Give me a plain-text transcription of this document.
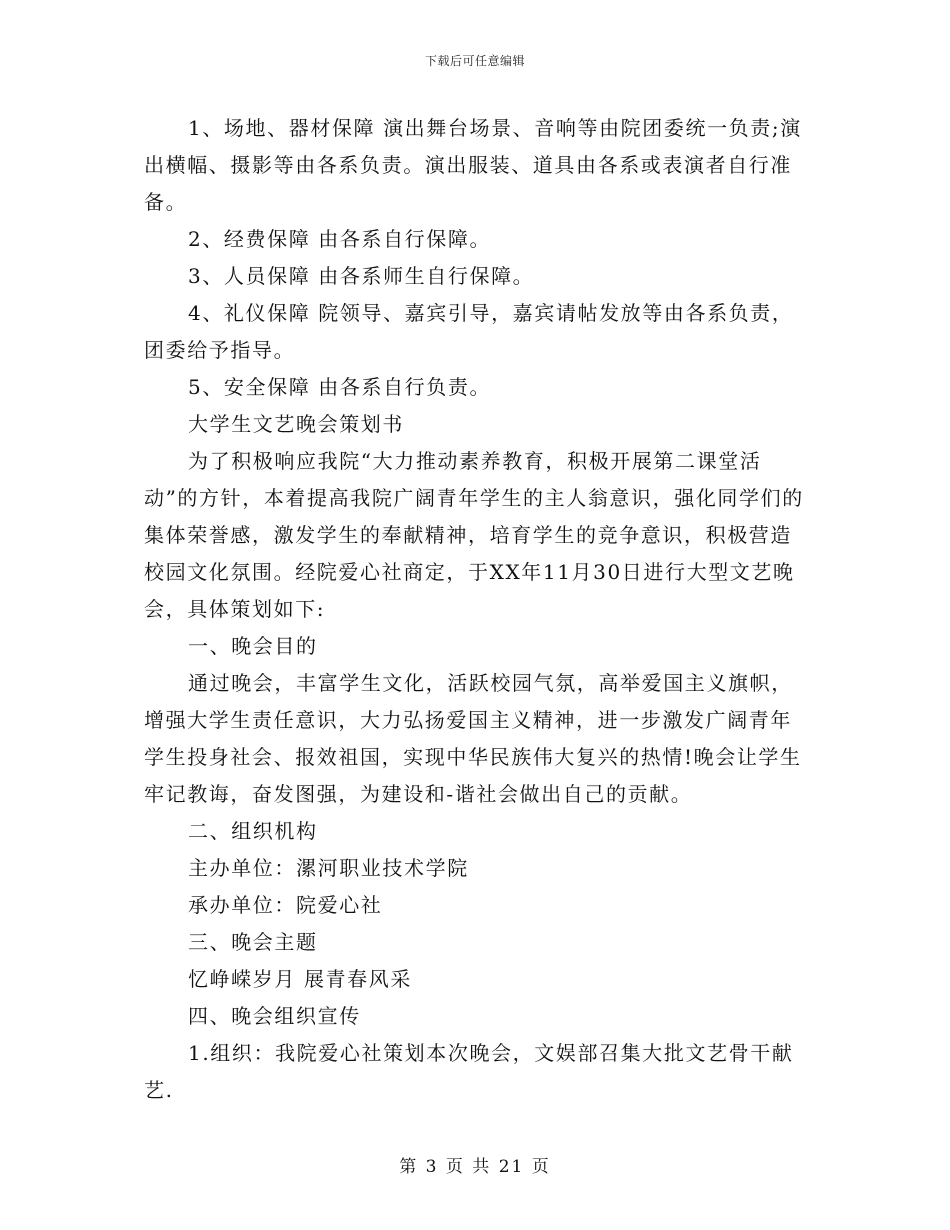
下载后可任意编辑

1、场地、器材保障 演出舞台场景、音响等由院团委统一负责;演出横幅、摄影等由各系负责。演出服装、道具由各系或表演者自行准备。

2、经费保障 由各系自行保障。

3、人员保障 由各系师生自行保障。

4、礼仪保障 院领导、嘉宾引导，嘉宾请帖发放等由各系负责，团委给予指导。

5、安全保障 由各系自行负责。

大学生文艺晚会策划书

为了积极响应我院“大力推动素养教育，积极开展第二课堂活动”的方针，本着提高我院广阔青年学生的主人翁意识，强化同学们的集体荣誉感，激发学生的奉献精神，培育学生的竞争意识，积极营造校园文化氛围。经院爱心社商定，于XX年11月30日进行大型文艺晚会，具体策划如下:

一、晚会目的

通过晚会，丰富学生文化，活跃校园气氛，高举爱国主义旗帜，增强大学生责任意识，大力弘扬爱国主义精神，进一步激发广阔青年学生投身社会、报效祖国，实现中华民族伟大复兴的热情!晚会让学生牢记教诲，奋发图强，为建设和-谐社会做出自己的贡献。

二、组织机构

主办单位：漯河职业技术学院

承办单位：院爱心社

三、晚会主题

忆峥嵘岁月 展青春风采

四、晚会组织宣传

1.组织：我院爱心社策划本次晚会，文娱部召集大批文艺骨干献艺.

第 3 页 共 21 页
